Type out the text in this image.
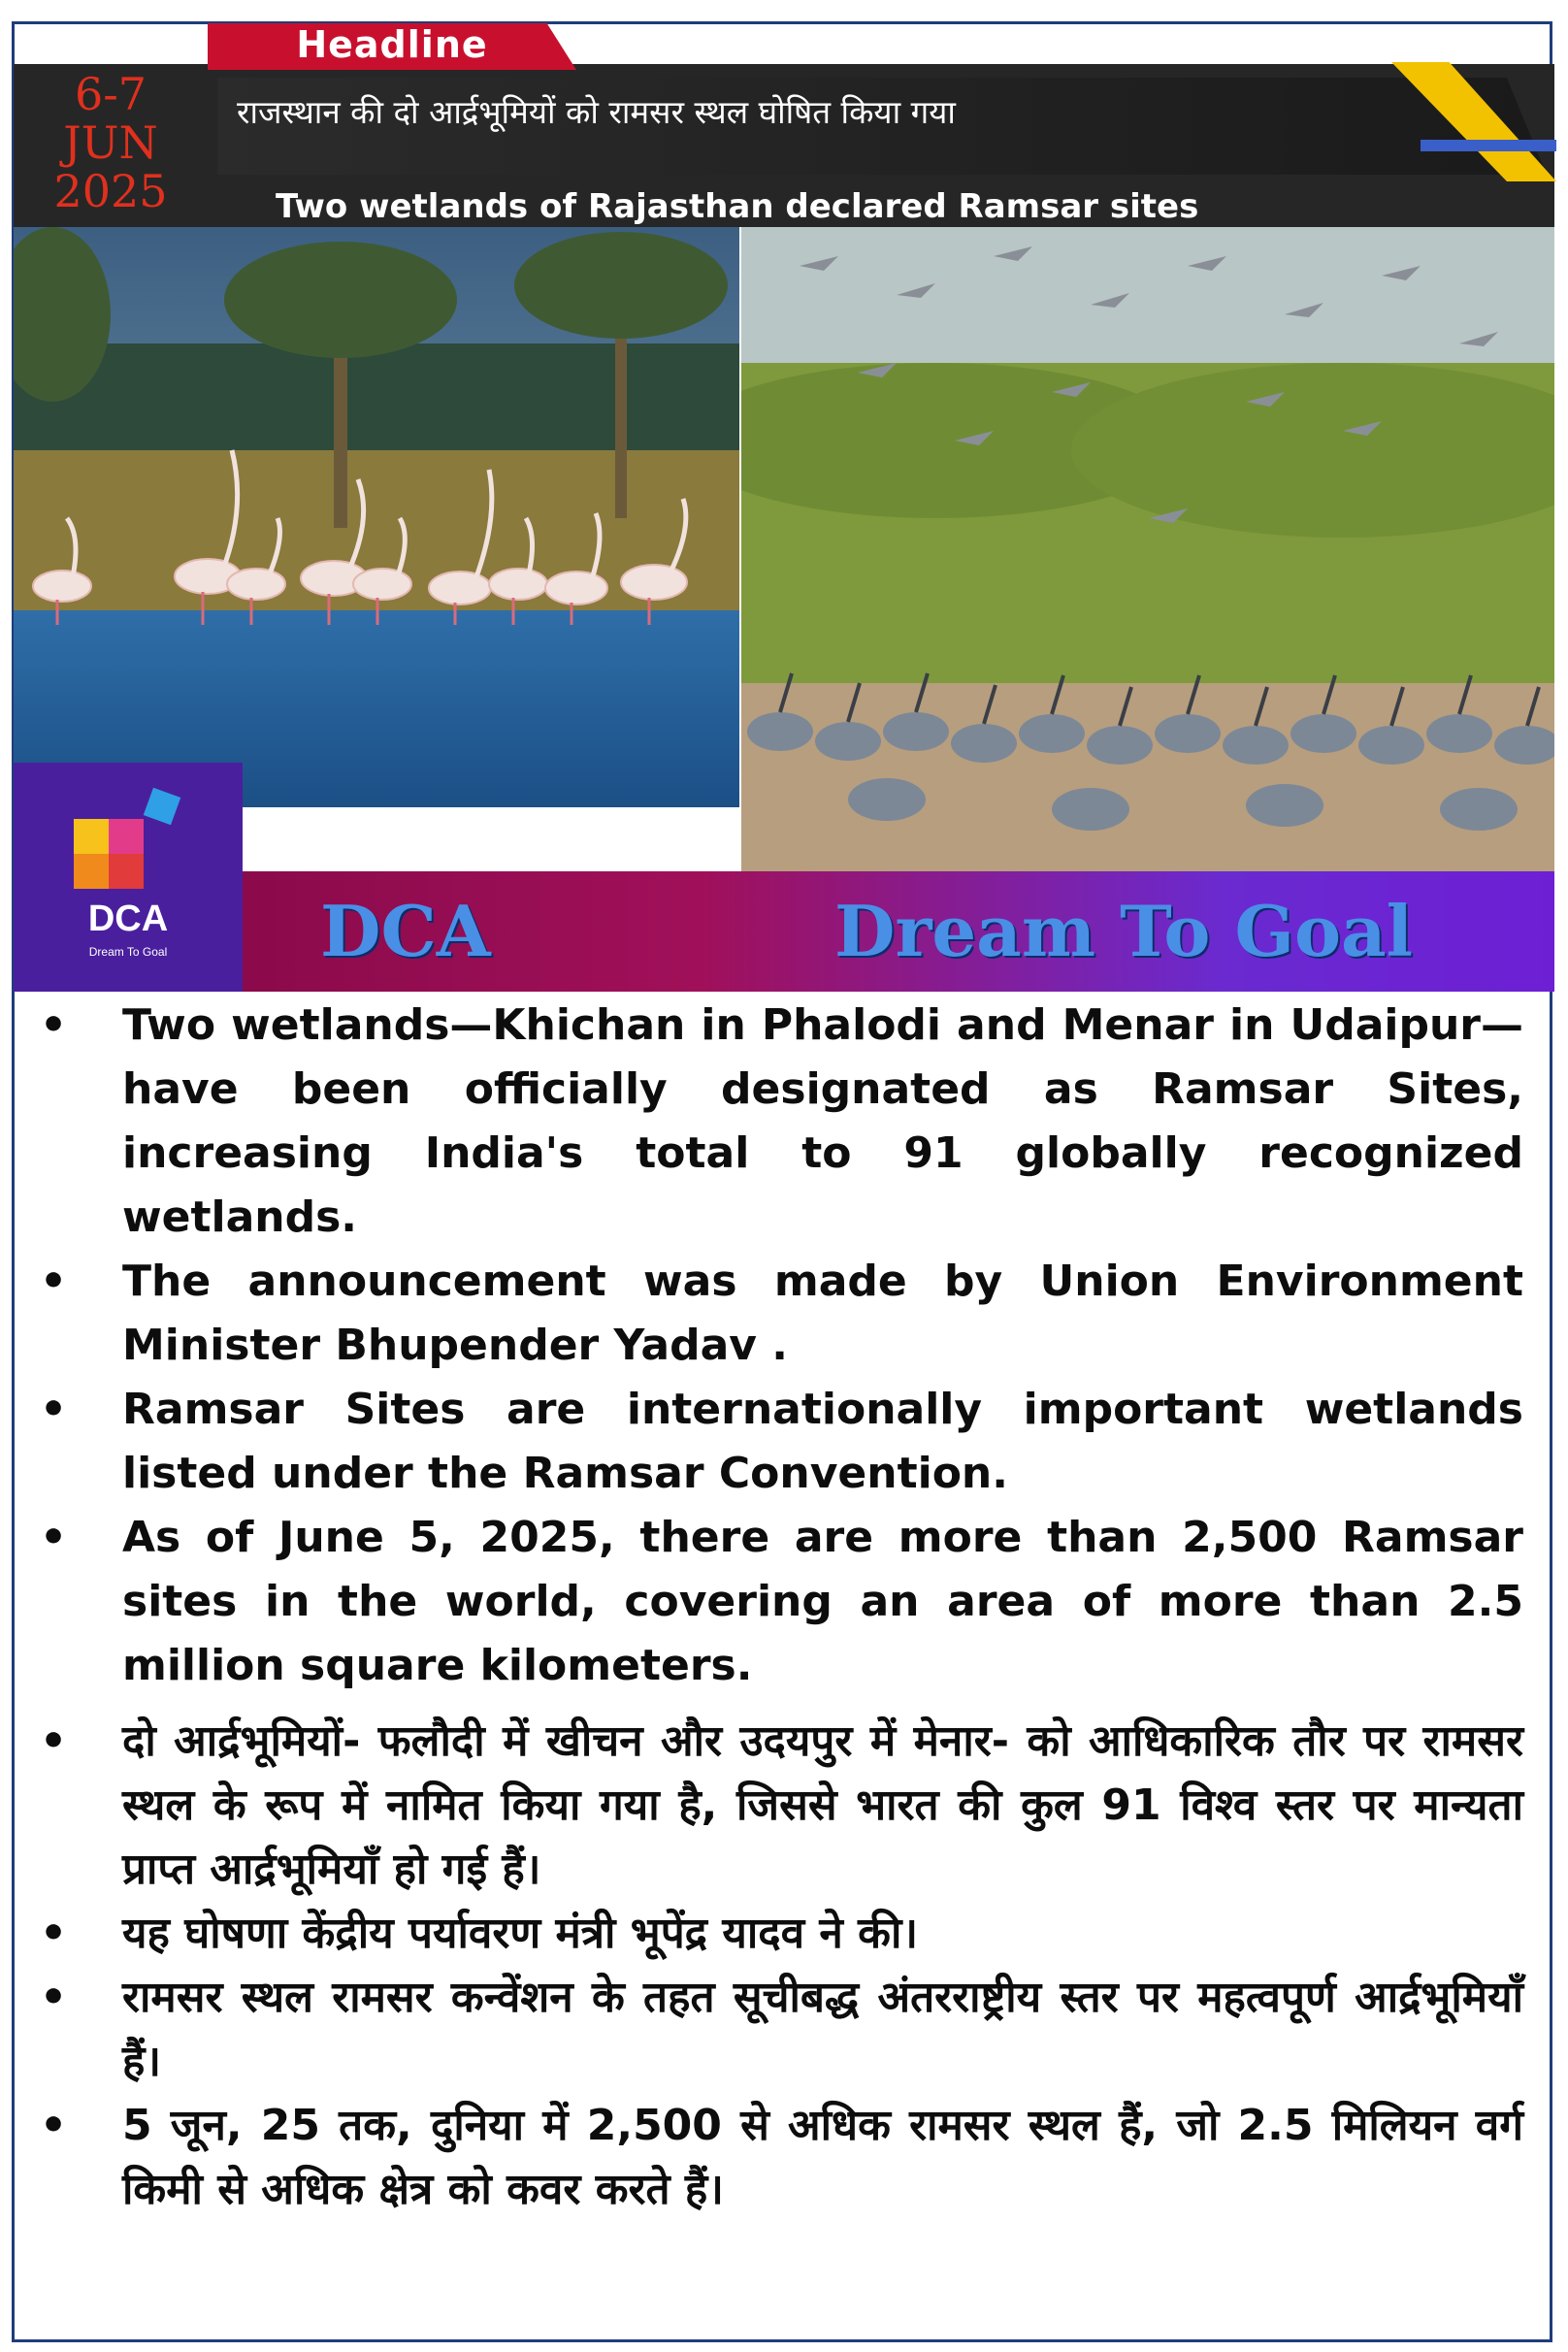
Headline
6-7
JUN
2025
राजस्थान की दो आर्द्रभूमियों को रामसर स्थल घोषित किया गया
Two wetlands of Rajasthan declared Ramsar sites
DCA
Dream To Goal	DCA	Dream To Goal
• Two wetlands—Khichan in Phalodi and Menar in Udaipur—have been officially designated as Ramsar Sites, increasing India's total to 91 globally recognized wetlands.
• The announcement was made by Union Environment Minister Bhupender Yadav .
• Ramsar Sites are internationally important wetlands listed under the Ramsar Convention.
• As of June 5, 2025, there are more than 2,500 Ramsar sites in the world, covering an area of more than 2.5 million square kilometers.
• दो आर्द्रभूमियों- फलौदी में खीचन और उदयपुर में मेनार- को आधिकारिक तौर पर रामसर स्थल के रूप में नामित किया गया है, जिससे भारत की कुल 91 विश्व स्तर पर मान्यता प्राप्त आर्द्रभूमियाँ हो गई हैं।
• यह घोषणा केंद्रीय पर्यावरण मंत्री भूपेंद्र यादव ने की।
• रामसर स्थल रामसर कन्वेंशन के तहत सूचीबद्ध अंतरराष्ट्रीय स्तर पर महत्वपूर्ण आर्द्रभूमियाँ हैं।
• 5 जून, 25 तक, दुनिया में 2,500 से अधिक रामसर स्थल हैं, जो 2.5 मिलियन वर्ग किमी से अधिक क्षेत्र को कवर करते हैं।
